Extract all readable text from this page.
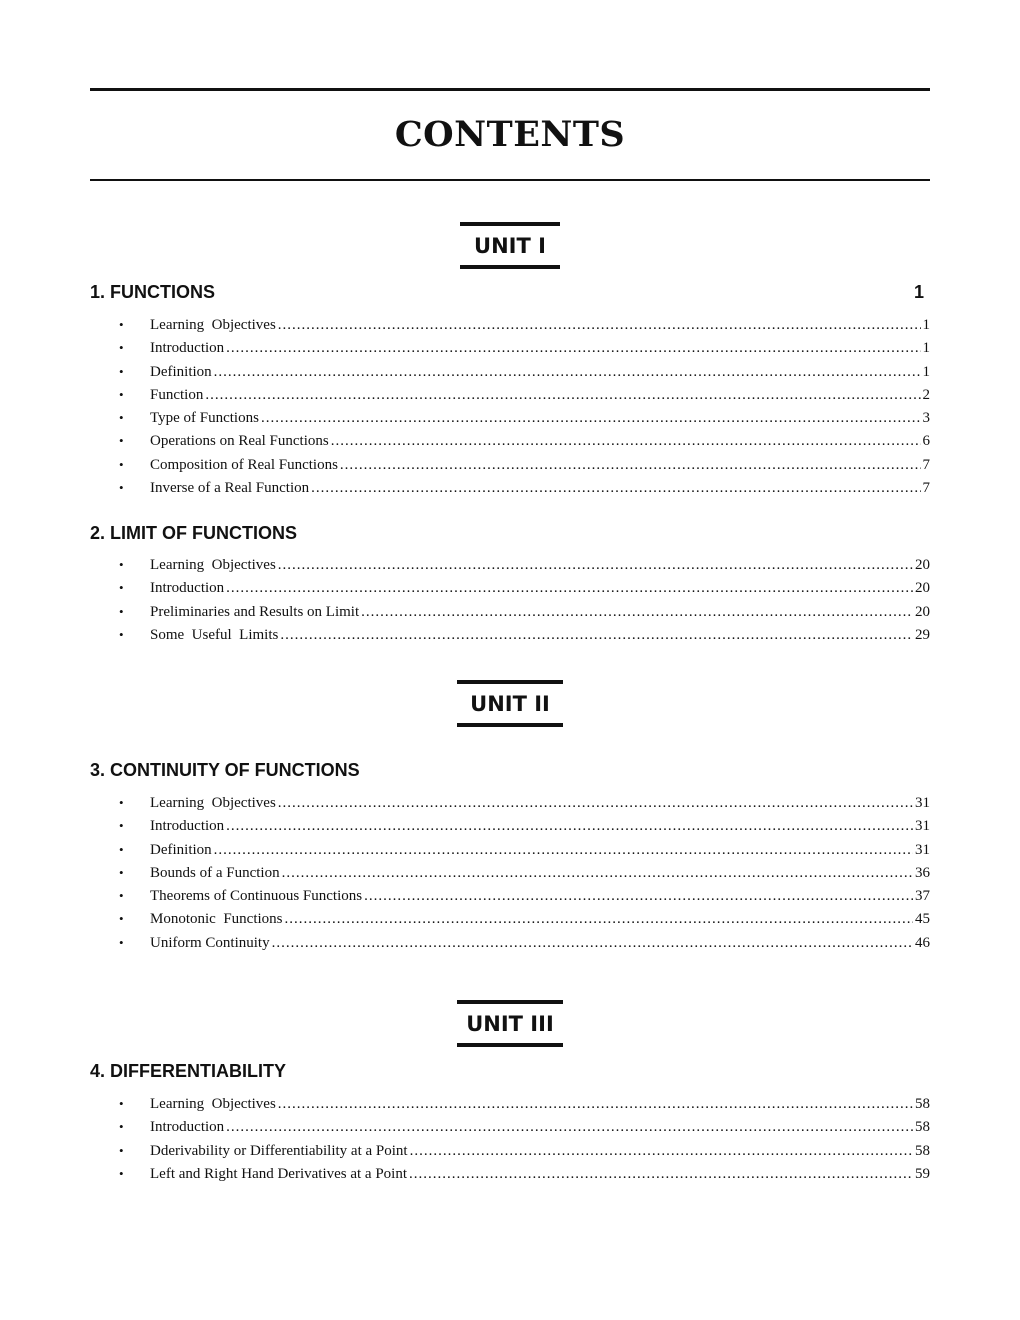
CONTENTS
UNIT I
1. FUNCTIONS	1
•	Learning  Objectives .....	1
•	Introduction .....	1
•	Definition .....	1
•	Function .....	2
•	Type of Functions .....	3
•	Operations on Real Functions .....	6
•	Composition of Real Functions .....	7
•	Inverse of a Real Function .....	7
2. LIMIT OF FUNCTIONS
•	Learning  Objectives .....	20
•	Introduction .....	20
•	Preliminaries and Results on Limit .....	20
•	Some  Useful  Limits .....	29
UNIT II
3. CONTINUITY OF FUNCTIONS
•	Learning  Objectives .....	31
•	Introduction .....	31
•	Definition .....	31
•	Bounds of a Function .....	36
•	Theorems of Continuous Functions .....	37
•	Monotonic  Functions .....	45
•	Uniform Continuity .....	46
UNIT III
4. DIFFERENTIABILITY
•	Learning  Objectives .....	58
•	Introduction .....	58
•	Dderivability or Differentiability at a Point .....	58
•	Left and Right Hand Derivatives at a Point .....	59
